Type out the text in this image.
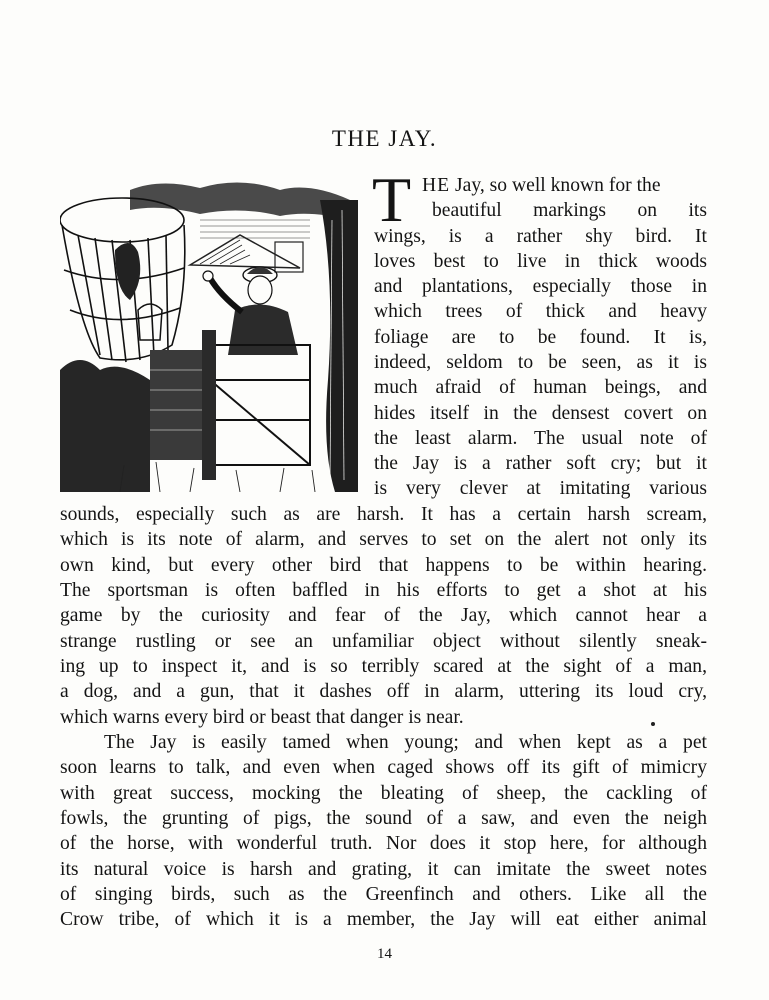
THE JAY.
T HE Jay, so well known for the
beautiful markings on its
wings, is a rather shy bird. It
loves best to live in thick woods
and plantations, especially those in
which trees of thick and heavy
foliage are to be found. It is,
indeed, seldom to be seen, as it is
much afraid of human beings, and
hides itself in the densest covert on
the least alarm. The usual note of
the Jay is a rather soft cry; but it
is very clever at imitating various
sounds, especially such as are harsh. It has a certain harsh scream,
which is its note of alarm, and serves to set on the alert not only its
own kind, but every other bird that happens to be within hearing.
The sportsman is often baffled in his efforts to get a shot at his
game by the curiosity and fear of the Jay, which cannot hear a
strange rustling or see an unfamiliar object without silently sneak-
ing up to inspect it, and is so terribly scared at the sight of a man,
a dog, and a gun, that it dashes off in alarm, uttering its loud cry,
which warns every bird or beast that danger is near.
The Jay is easily tamed when young; and when kept as a pet
soon learns to talk, and even when caged shows off its gift of mimicry
with great success, mocking the bleating of sheep, the cackling of
fowls, the grunting of pigs, the sound of a saw, and even the neigh
of the horse, with wonderful truth. Nor does it stop here, for although
its natural voice is harsh and grating, it can imitate the sweet notes
of singing birds, such as the Greenfinch and others. Like all the
Crow tribe, of which it is a member, the Jay will eat either animal
14
